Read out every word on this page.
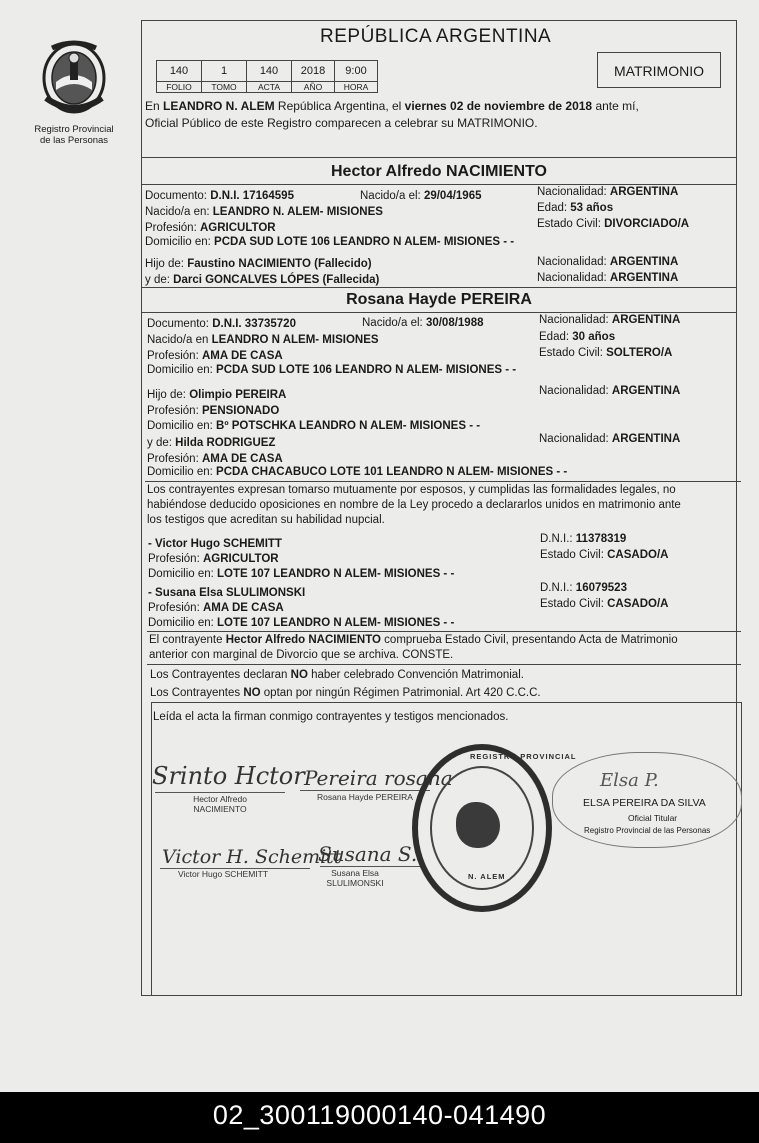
Registro Provincial
de las Personas
REPÚBLICA ARGENTINA
140	1	140	2018	9:00
FOLIO	TOMO	ACTA	AÑO	HORA
MATRIMONIO
En LEANDRO N. ALEM República Argentina, el viernes 02 de noviembre de 2018 ante mí,
Oficial Público de este Registro comparecen a celebrar su MATRIMONIO.
Hector Alfredo NACIMIENTO
Documento: D.N.I. 17164595	Nacido/a el: 29/04/1965	Nacionalidad: ARGENTINA
Nacido/a en: LEANDRO N. ALEM- MISIONES	Edad: 53 años
Profesión: AGRICULTOR	Estado Civil: DIVORCIADO/A
Domicilio en: PCDA SUD LOTE 106 LEANDRO N ALEM- MISIONES - -
Hijo de: Faustino NACIMIENTO (Fallecido)	Nacionalidad: ARGENTINA
y de: Darci GONCALVES LÓPES (Fallecida)	Nacionalidad: ARGENTINA
Rosana Hayde PEREIRA
Documento: D.N.I. 33735720	Nacido/a el: 30/08/1988	Nacionalidad: ARGENTINA
Nacido/a en LEANDRO N ALEM- MISIONES	Edad: 30 años
Profesión: AMA DE CASA	Estado Civil: SOLTERO/A
Domicilio en: PCDA SUD LOTE 106 LEANDRO N ALEM- MISIONES - -
Hijo de: Olimpio PEREIRA	Nacionalidad: ARGENTINA
Profesión: PENSIONADO
Domicilio en: Bº POTSCHKA LEANDRO N ALEM- MISIONES - -
y de: Hilda RODRIGUEZ	Nacionalidad: ARGENTINA
Profesión: AMA DE CASA
Domicilio en: PCDA CHACABUCO LOTE 101 LEANDRO N ALEM- MISIONES - -
Los contrayentes expresan tomarso mutuamente por esposos, y cumplidas las formalidades legales, no
habiéndose deducido oposiciones en nombre de la Ley procedo a declararlos unidos en matrimonio ante
los testigos que acreditan su habilidad nupcial.
- Victor Hugo SCHEMITT	D.N.I.: 11378319
Profesión: AGRICULTOR	Estado Civil: CASADO/A
Domicilio en: LOTE 107 LEANDRO N ALEM- MISIONES - -
- Susana Elsa SLULIMONSKI	D.N.I.: 16079523
Profesión: AMA DE CASA	Estado Civil: CASADO/A
Domicilio en: LOTE 107 LEANDRO N ALEM- MISIONES - -
El contrayente Hector Alfredo NACIMIENTO comprueba Estado Civil, presentando Acta de Matrimonio
anterior con marginal de Divorcio que se archiva. CONSTE.
Los Contrayentes declaran NO haber celebrado Convención Matrimonial.
Los Contrayentes NO optan por ningún Régimen Patrimonial. Art 420 C.C.C.
Leída el acta la firman conmigo contrayentes y testigos mencionados.
Srinto Hctor
Hector Alfredo
NACIMIENTO
Pereira rosana
Rosana Hayde PEREIRA
Victor H. Schemitt
Victor Hugo SCHEMITT
Susana S.
Susana Elsa
SLULIMONSKI
REGISTRO PROVINCIAL
N. ALEM
Elsa P.
ELSA PEREIRA DA SILVA
Oficial Titular
Registro Provincial de las Personas
02_300119000140-041490
